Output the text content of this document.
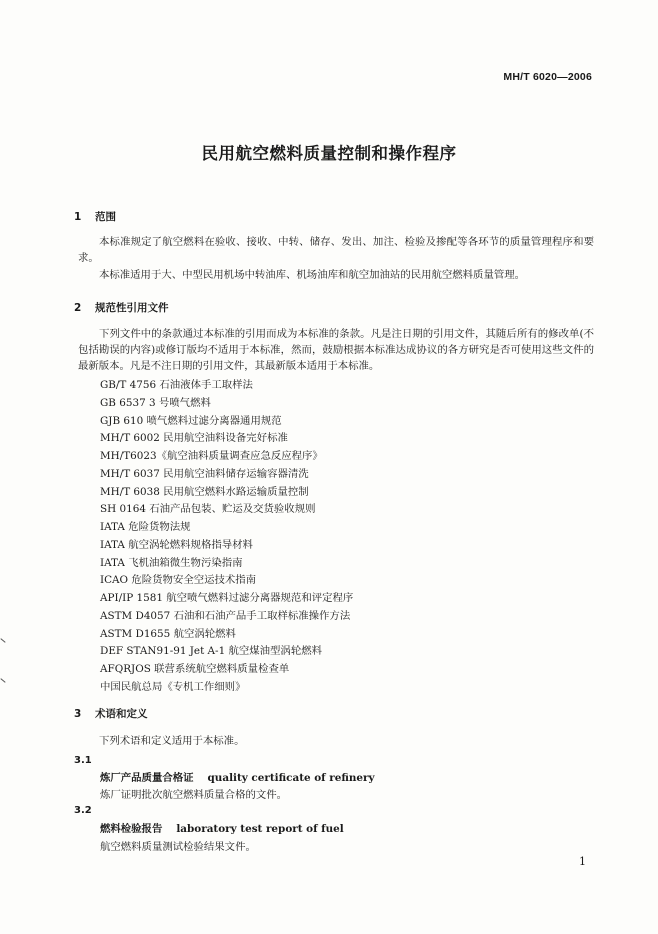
MH/T 6020—2006
民用航空燃料质量控制和操作程序
1 范围
本标准规定了航空燃料在验收、接收、中转、储存、发出、加注、检验及掺配等各环节的质量管理程序和要求。
本标准适用于大、中型民用机场中转油库、机场油库和航空加油站的民用航空燃料质量管理。
2 规范性引用文件
下列文件中的条款通过本标准的引用而成为本标准的条款。凡是注日期的引用文件，其随后所有的修改单(不包括勘误的内容)或修订版均不适用于本标准，然而，鼓励根据本标准达成协议的各方研究是否可使用这些文件的最新版本。凡是不注日期的引用文件，其最新版本适用于本标准。
GB/T 4756 石油液体手工取样法
GB 6537 3 号喷气燃料
GJB 610 喷气燃料过滤分离器通用规范
MH/T 6002 民用航空油料设备完好标准
MH/T6023《航空油料质量调查应急反应程序》
MH/T 6037 民用航空油料储存运输容器清洗
MH/T 6038 民用航空燃料水路运输质量控制
SH 0164 石油产品包装、贮运及交货验收规则
IATA 危险货物法规
IATA 航空涡轮燃料规格指导材料
IATA 飞机油箱微生物污染指南
ICAO 危险货物安全空运技术指南
API/IP 1581 航空喷气燃料过滤分离器规范和评定程序
ASTM D4057 石油和石油产品手工取样标准操作方法
ASTM D1655 航空涡轮燃料
DEF STAN91-91 Jet A-1 航空煤油型涡轮燃料
AFQRJOS 联营系统航空燃料质量检查单
中国民航总局《专机工作细则》
3 术语和定义
下列术语和定义适用于本标准。
3.1
炼厂产品质量合格证 quality certificate of refinery
炼厂证明批次航空燃料质量合格的文件。
3.2
燃料检验报告 laboratory test report of fuel
航空燃料质量测试检验结果文件。
1
